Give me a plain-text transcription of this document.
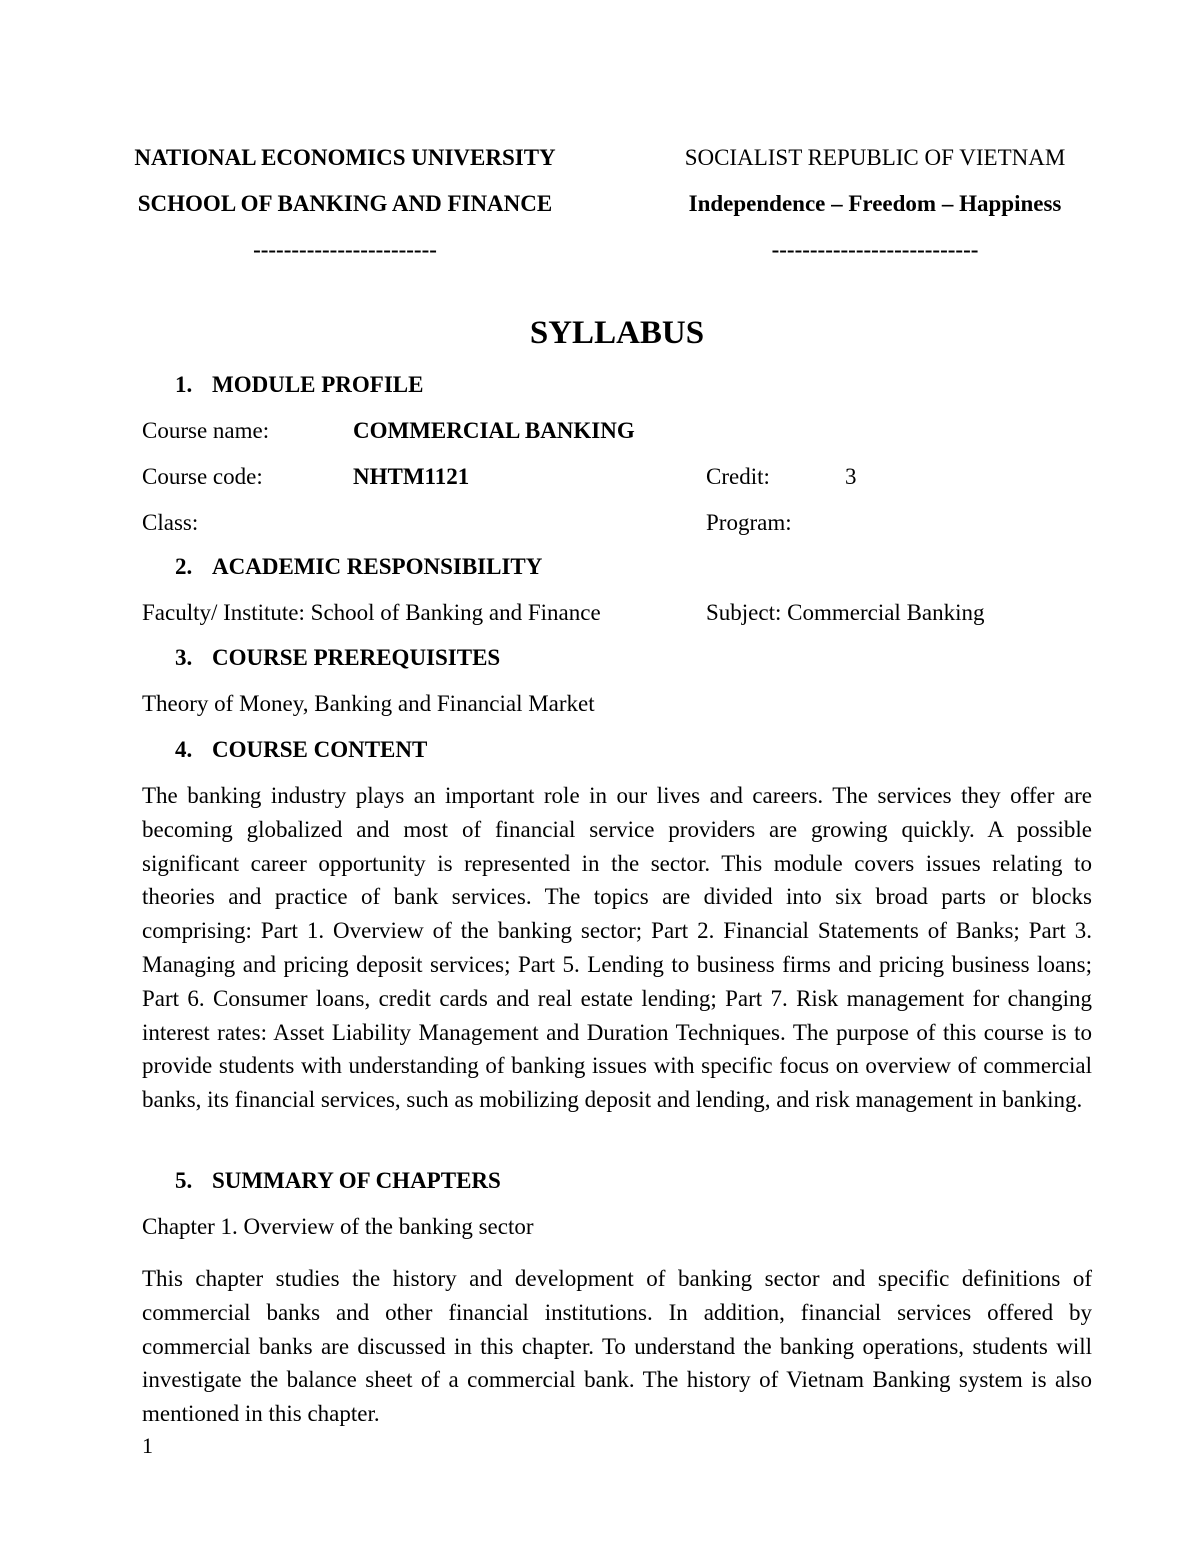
NATIONAL ECONOMICS UNIVERSITY
SCHOOL OF BANKING AND FINANCE
------------------------
SOCIALIST REPUBLIC OF VIETNAM
Independence – Freedom – Happiness
---------------------------
SYLLABUS
1. MODULE PROFILE
Course name:	COMMERCIAL BANKING
Course code:	NHTM1121	Credit:	3
Class:	Program:
2. ACADEMIC RESPONSIBILITY
Faculty/ Institute: School of Banking and Finance	Subject: Commercial Banking
3. COURSE PREREQUISITES
Theory of Money, Banking and Financial Market
4. COURSE CONTENT
The banking industry plays an important role in our lives and careers. The services they offer are becoming globalized and most of financial service providers are growing quickly. A possible significant career opportunity is represented in the sector. This module covers issues relating to theories and practice of bank services. The topics are divided into six broad parts or blocks comprising: Part 1. Overview of the banking sector; Part 2. Financial Statements of Banks; Part 3. Managing and pricing deposit services; Part 5. Lending to business firms and pricing business loans; Part 6. Consumer loans, credit cards and real estate lending; Part 7. Risk management for changing interest rates: Asset Liability Management and Duration Techniques. The purpose of this course is to provide students with understanding of banking issues with specific focus on overview of commercial banks, its financial services, such as mobilizing deposit and lending, and risk management in banking.
5. SUMMARY OF CHAPTERS
Chapter 1. Overview of the banking sector
This chapter studies the history and development of banking sector and specific definitions of commercial banks and other financial institutions. In addition, financial services offered by commercial banks are discussed in this chapter. To understand the banking operations, students will investigate the balance sheet of a commercial bank. The history of Vietnam Banking system is also mentioned in this chapter.
1
